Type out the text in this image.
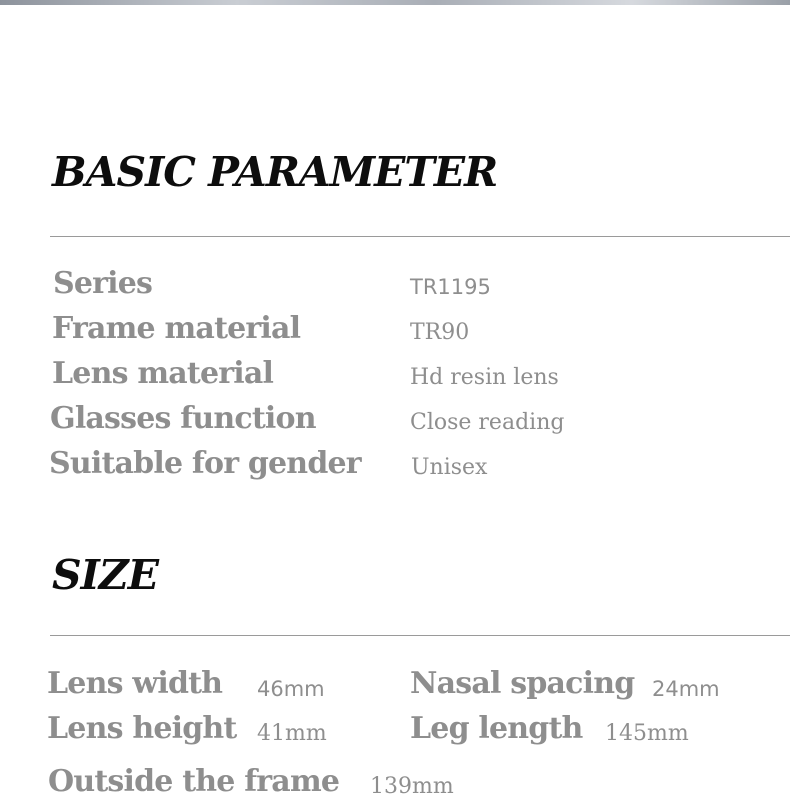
BASIC PARAMETER
Series	TR1195
Frame material	TR90
Lens material	Hd resin lens
Glasses function	Close reading
Suitable for gender Unisex
SIZE
Lens width 46mm	Nasal spacing 24mm
Lens height 41mm	Leg length 145mm
Outside the frame 139mm
